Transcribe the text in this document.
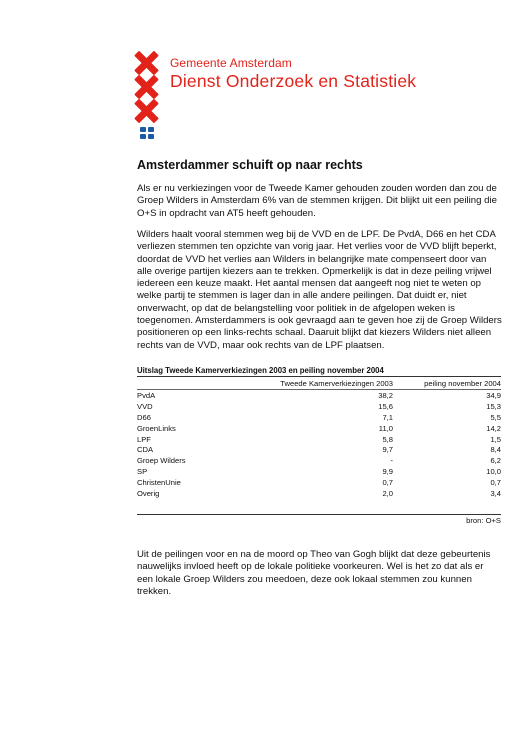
Gemeente Amsterdam
Dienst Onderzoek en Statistiek
Amsterdammer schuift op naar rechts
Als er nu verkiezingen voor de Tweede Kamer gehouden zouden worden dan zou de Groep Wilders in Amsterdam 6% van de stemmen krijgen. Dit blijkt uit een peiling die O+S in opdracht van AT5 heeft gehouden.
Wilders haalt vooral stemmen weg bij de VVD en de LPF. De PvdA, D66 en het CDA verliezen stemmen ten opzichte van vorig jaar. Het verlies voor de VVD blijft beperkt, doordat de VVD het verlies aan Wilders in belangrijke mate compenseert door van alle overige partijen kiezers aan te trekken. Opmerkelijk is dat in deze peiling vrijwel iedereen een keuze maakt. Het aantal mensen dat aangeeft nog niet te weten op welke partij te stemmen is lager dan in alle andere peilingen. Dat duidt er, niet onverwacht, op dat de belangstelling voor politiek in de afgelopen weken is toegenomen. Amsterdammers is ook gevraagd aan te geven hoe zij de Groep Wilders positioneren op een links-rechts schaal. Daaruit blijkt dat kiezers Wilders niet alleen rechts van de VVD, maar ook rechts van de LPF plaatsen.
Uitslag Tweede Kamerverkiezingen 2003 en peiling november 2004
	Tweede Kamerverkiezingen 2003	peiling november 2004
PvdA	38,2	34,9
VVD	15,6	15,3
D66	7,1	5,5
GroenLinks	11,0	14,2
LPF	5,8	1,5
CDA	9,7	8,4
Groep Wilders	-	6,2
SP	9,9	10,0
ChristenUnie	0,7	0,7
Overig	2,0	3,4
bron: O+S
Uit de peilingen voor en na de moord op Theo van Gogh blijkt dat deze gebeurtenis nauwelijks invloed heeft op de lokale politieke voorkeuren. Wel is het zo dat als er een lokale Groep Wilders zou meedoen, deze ook lokaal stemmen zou kunnen trekken.
